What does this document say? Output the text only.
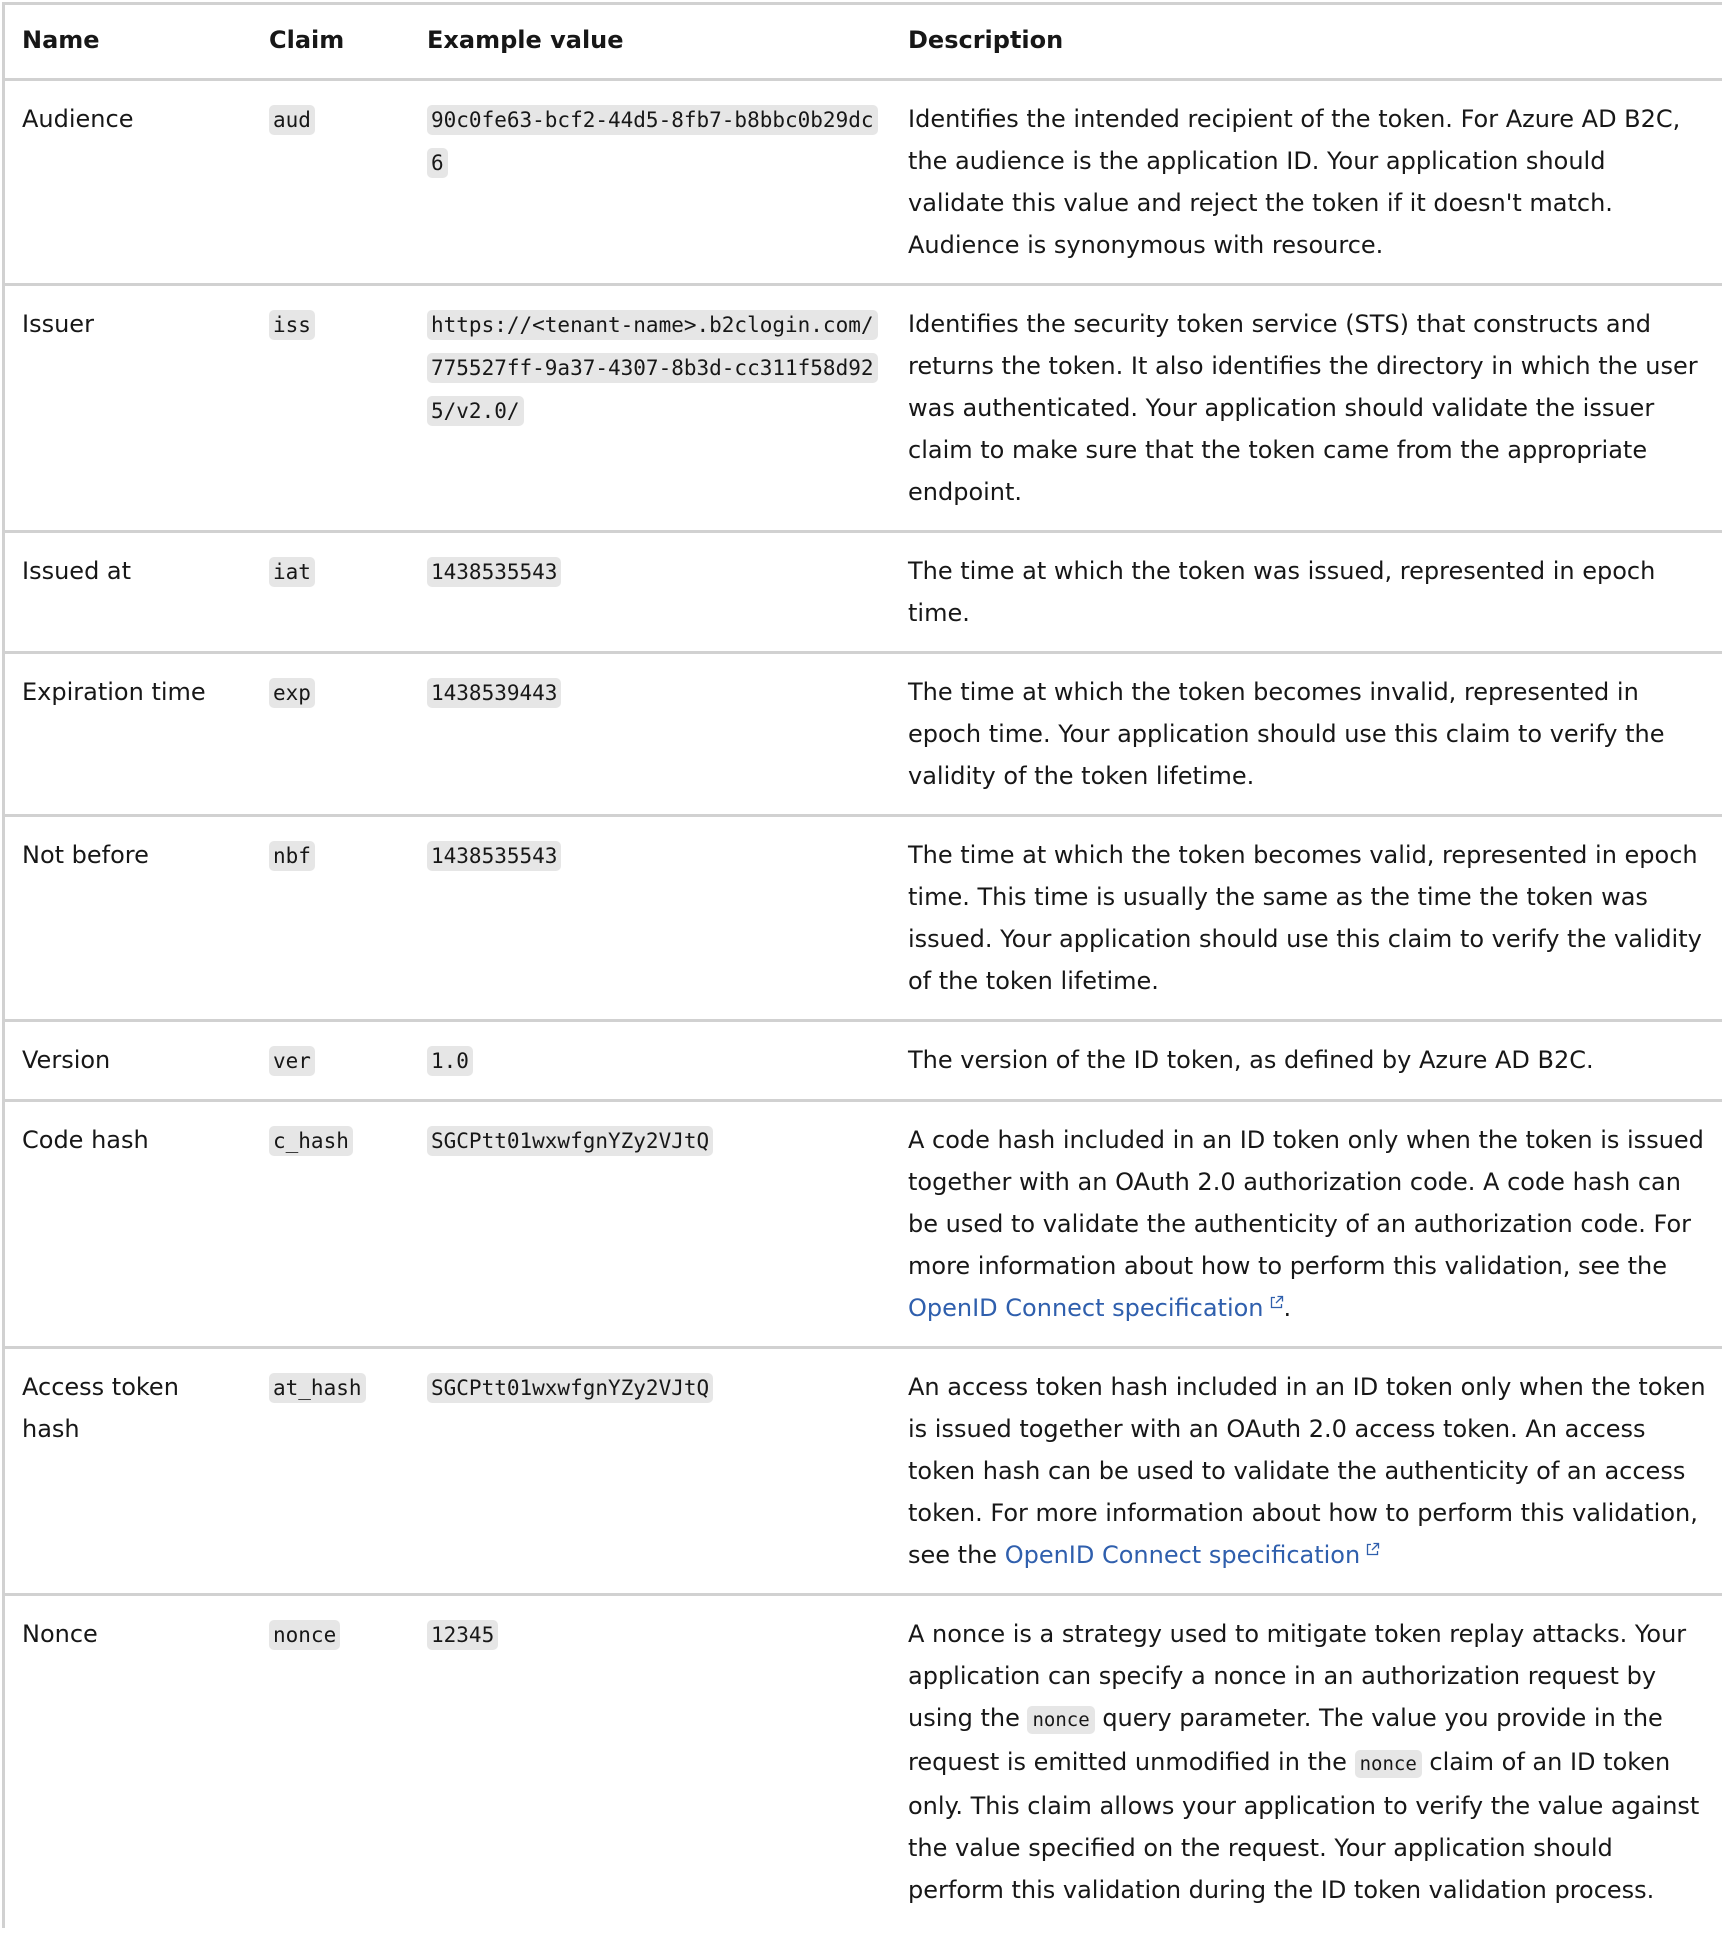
Name	Claim	Example value	Description
Audience	aud	90c0fe63-bcf2-44d5-8fb7-b8bbc0b29dc6	Identifies the intended recipient of the token. For Azure AD B2C, the audience is the application ID. Your application should validate this value and reject the token if it doesn't match. Audience is synonymous with resource.
Issuer	iss	https://<tenant-name>.b2clogin.com/775527ff-9a37-4307-8b3d-cc311f58d925/v2.0/	Identifies the security token service (STS) that constructs and returns the token. It also identifies the directory in which the user was authenticated. Your application should validate the issuer claim to make sure that the token came from the appropriate endpoint.
Issued at	iat	1438535543	The time at which the token was issued, represented in epoch time.
Expiration time	exp	1438539443	The time at which the token becomes invalid, represented in epoch time. Your application should use this claim to verify the validity of the token lifetime.
Not before	nbf	1438535543	The time at which the token becomes valid, represented in epoch time. This time is usually the same as the time the token was issued. Your application should use this claim to verify the validity of the token lifetime.
Version	ver	1.0	The version of the ID token, as defined by Azure AD B2C.
Code hash	c_hash	SGCPtt01wxwfgnYZy2VJtQ	A code hash included in an ID token only when the token is issued together with an OAuth 2.0 authorization code. A code hash can be used to validate the authenticity of an authorization code. For more information about how to perform this validation, see the OpenID Connect specification .
Access token hash	at_hash	SGCPtt01wxwfgnYZy2VJtQ	An access token hash included in an ID token only when the token is issued together with an OAuth 2.0 access token. An access token hash can be used to validate the authenticity of an access token. For more information about how to perform this validation, see the OpenID Connect specification

Nonce	nonce	12345	A nonce is a strategy used to mitigate token replay attacks. Your application can specify a nonce in an authorization request by using the nonce query parameter. The value you provide in the request is emitted unmodified in the nonce claim of an ID token only. This claim allows your application to verify the value against the value specified on the request. Your application should perform this validation during the ID token validation process.
